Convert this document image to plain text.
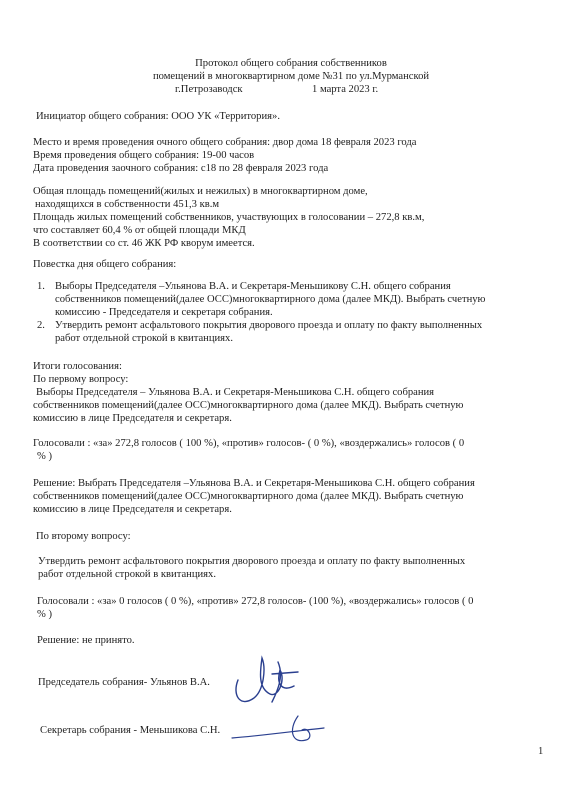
Протокол общего собрания собственников
помещений в многоквартирном доме №31 по ул.Мурманской
г.Петрозаводск	1 марта 2023 г.
Инициатор общего собрания: ООО УК «Территория».
Место и время проведения очного общего собрания: двор дома 18 февраля 2023 года
Время проведения общего собрания: 19-00 часов
Дата проведения заочного собрания: с18 по 28 февраля 2023 года
Общая площадь помещений(жилых и нежилых) в многоквартирном доме,
находящихся в собственности 451,3 кв.м
Площадь жилых помещений собственников, участвующих в голосовании – 272,8 кв.м,
что составляет 60,4 % от общей площади МКД
В соответствии со ст. 46 ЖК РФ кворум имеется.
Повестка дня общего собрания:
1. Выборы Председателя –Ульянова В.А. и Секретаря-Меньшикову С.Н. общего собрания
собственников помещений(далее ОСС)многоквартирного дома (далее МКД). Выбрать счетную
комиссию - Председателя и секретаря собрания.
2. Утвердить ремонт асфальтового покрытия дворового проезда и оплату по факту выполненных
работ отдельной строкой в квитанциях.
Итоги голосования:
По первому вопросу:
Выборы Председателя – Ульянова В.А. и Секретаря-Меньшикова С.Н. общего собрания
собственников помещений(далее ОСС)многоквартирного дома (далее МКД). Выбрать счетную
комиссию в лице Председателя и секретаря.
Голосовали : «за» 272,8 голосов ( 100 %), «против» голосов- ( 0 %), «воздержались» голосов ( 0
% )
Решение: Выбрать Председателя –Ульянова В.А. и Секретаря-Меньшикова С.Н. общего собрания
собственников помещений(далее ОСС)многоквартирного дома (далее МКД). Выбрать счетную
комиссию в лице Председателя и секретаря.
По второму вопросу:
Утвердить ремонт асфальтового покрытия дворового проезда и оплату по факту выполненных
работ отдельной строкой в квитанциях.
Голосовали : «за» 0 голосов ( 0 %), «против» 272,8 голосов- (100 %), «воздержались» голосов ( 0
% )
Решение: не принято.
Председатель собрания- Ульянов В.А.
Секретарь собрания - Меньшикова С.Н.
1
